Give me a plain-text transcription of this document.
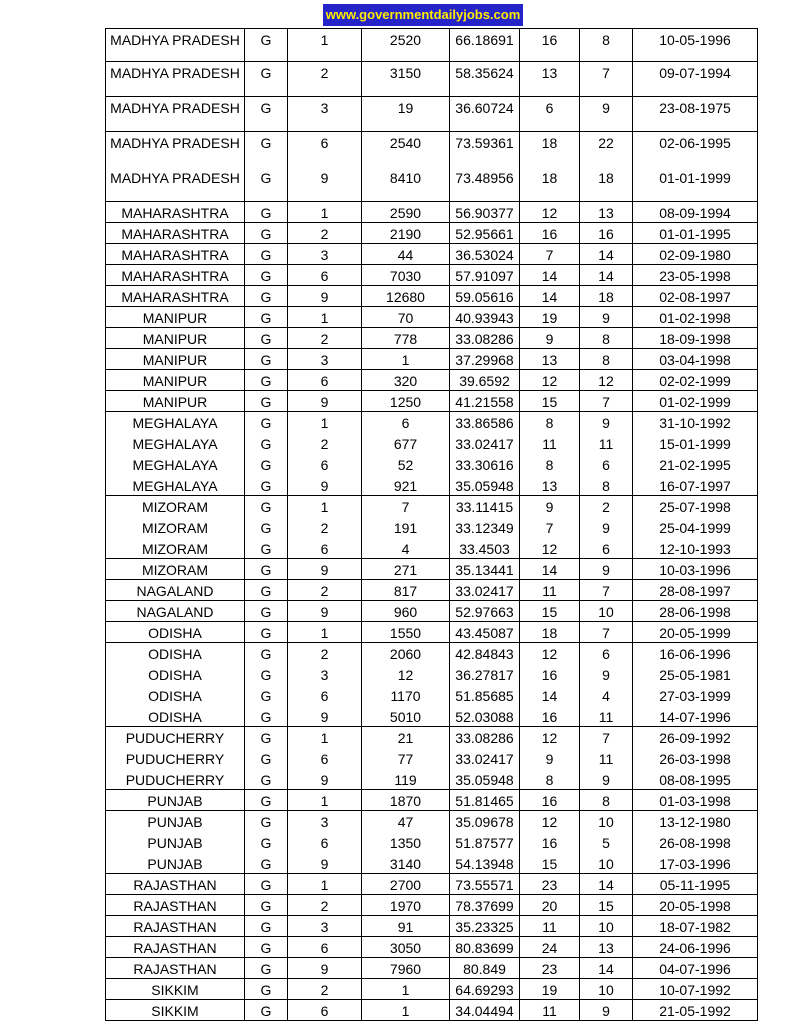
www.governmentdailyjobs.com
MADHYA PRADESH	G	1	2520	66.18691	16	8	10-05-1996
MADHYA PRADESH	G	2	3150	58.35624	13	7	09-07-1994
MADHYA PRADESH	G	3	19	36.60724	6	9	23-08-1975
MADHYA PRADESH	G	6	2540	73.59361	18	22	02-06-1995
MADHYA PRADESH	G	9	8410	73.48956	18	18	01-01-1999
MAHARASHTRA	G	1	2590	56.90377	12	13	08-09-1994
MAHARASHTRA	G	2	2190	52.95661	16	16	01-01-1995
MAHARASHTRA	G	3	44	36.53024	7	14	02-09-1980
MAHARASHTRA	G	6	7030	57.91097	14	14	23-05-1998
MAHARASHTRA	G	9	12680	59.05616	14	18	02-08-1997
MANIPUR	G	1	70	40.93943	19	9	01-02-1998
MANIPUR	G	2	778	33.08286	9	8	18-09-1998
MANIPUR	G	3	1	37.29968	13	8	03-04-1998
MANIPUR	G	6	320	39.6592	12	12	02-02-1999
MANIPUR	G	9	1250	41.21558	15	7	01-02-1999
MEGHALAYA	G	1	6	33.86586	8	9	31-10-1992
MEGHALAYA	G	2	677	33.02417	11	11	15-01-1999
MEGHALAYA	G	6	52	33.30616	8	6	21-02-1995
MEGHALAYA	G	9	921	35.05948	13	8	16-07-1997
MIZORAM	G	1	7	33.11415	9	2	25-07-1998
MIZORAM	G	2	191	33.12349	7	9	25-04-1999
MIZORAM	G	6	4	33.4503	12	6	12-10-1993
MIZORAM	G	9	271	35.13441	14	9	10-03-1996
NAGALAND	G	2	817	33.02417	11	7	28-08-1997
NAGALAND	G	9	960	52.97663	15	10	28-06-1998
ODISHA	G	1	1550	43.45087	18	7	20-05-1999
ODISHA	G	2	2060	42.84843	12	6	16-06-1996
ODISHA	G	3	12	36.27817	16	9	25-05-1981
ODISHA	G	6	1170	51.85685	14	4	27-03-1999
ODISHA	G	9	5010	52.03088	16	11	14-07-1996
PUDUCHERRY	G	1	21	33.08286	12	7	26-09-1992
PUDUCHERRY	G	6	77	33.02417	9	11	26-03-1998
PUDUCHERRY	G	9	119	35.05948	8	9	08-08-1995
PUNJAB	G	1	1870	51.81465	16	8	01-03-1998
PUNJAB	G	3	47	35.09678	12	10	13-12-1980
PUNJAB	G	6	1350	51.87577	16	5	26-08-1998
PUNJAB	G	9	3140	54.13948	15	10	17-03-1996
RAJASTHAN	G	1	2700	73.55571	23	14	05-11-1995
RAJASTHAN	G	2	1970	78.37699	20	15	20-05-1998
RAJASTHAN	G	3	91	35.23325	11	10	18-07-1982
RAJASTHAN	G	6	3050	80.83699	24	13	24-06-1996
RAJASTHAN	G	9	7960	80.849	23	14	04-07-1996
SIKKIM	G	2	1	64.69293	19	10	10-07-1992
SIKKIM	G	6	1	34.04494	11	9	21-05-1992
